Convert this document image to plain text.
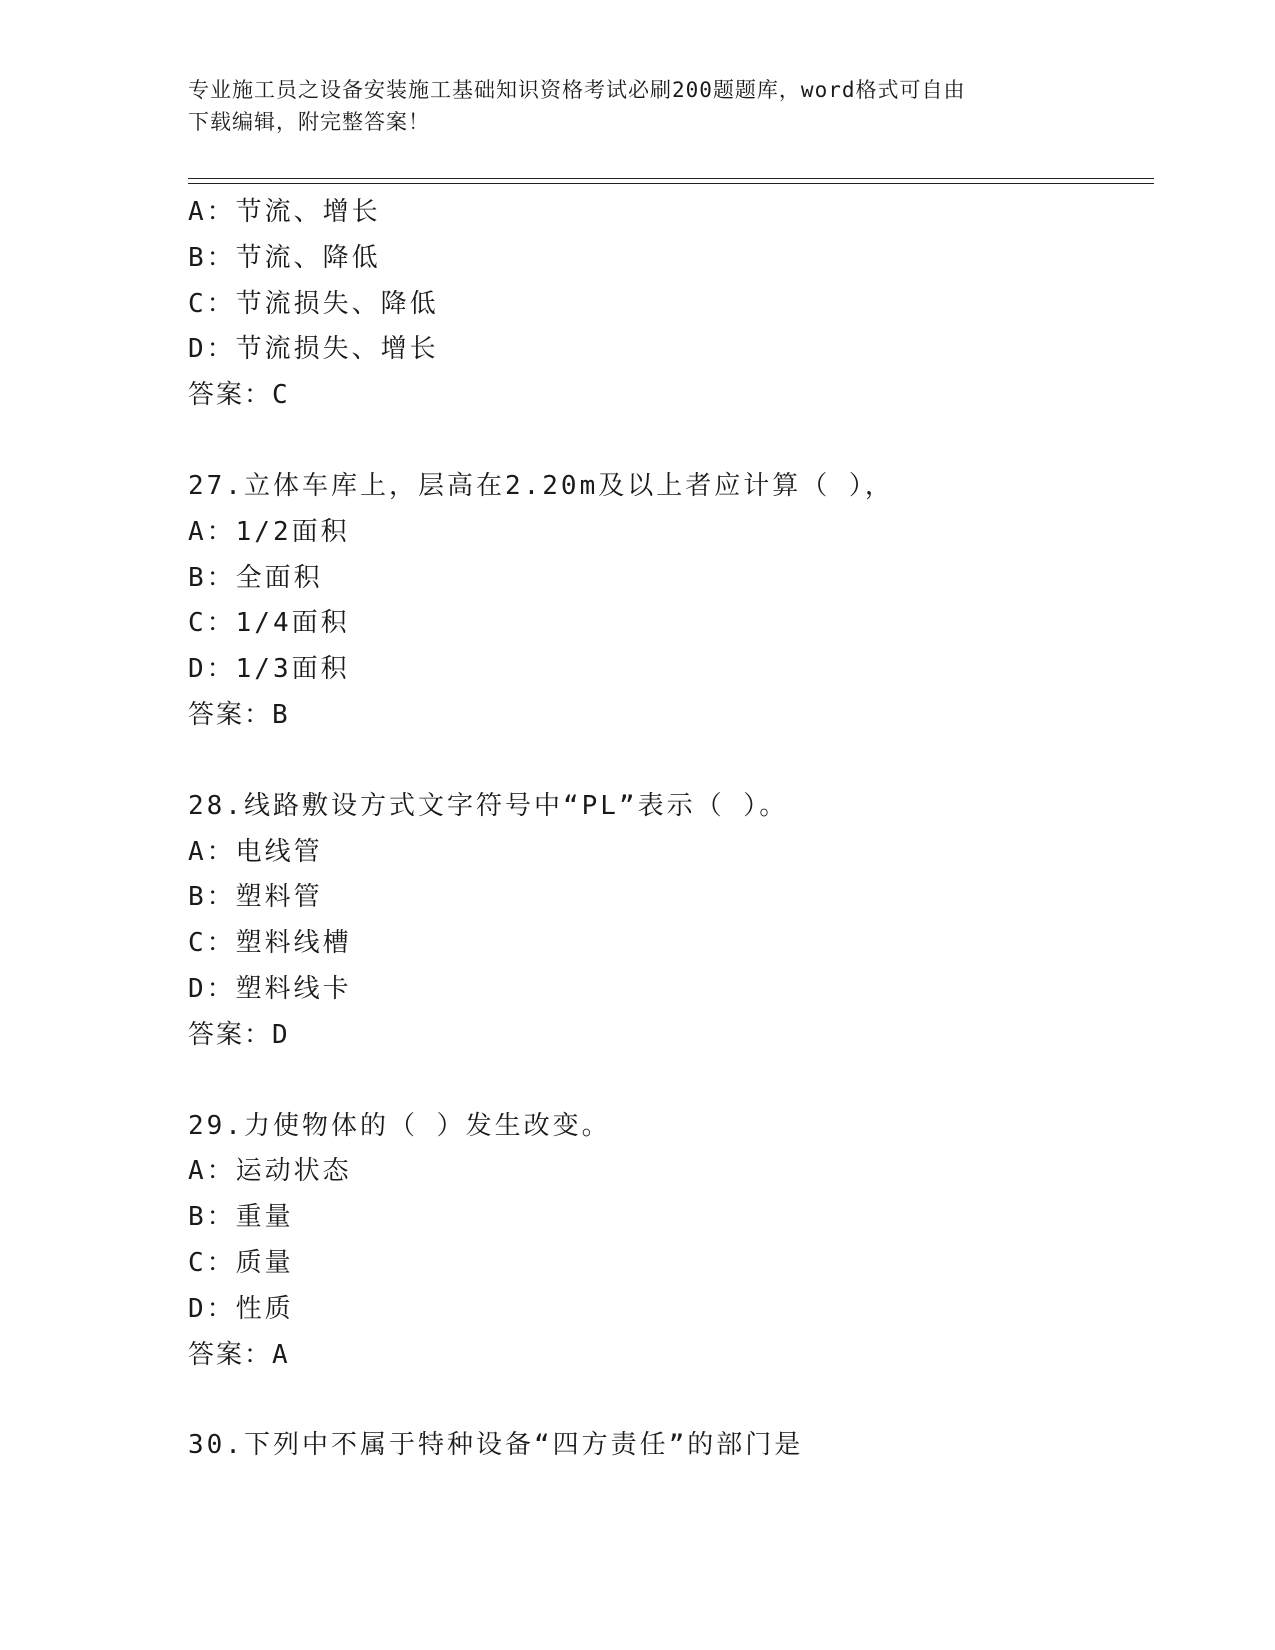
专业施工员之设备安装施工基础知识资格考试必刷200题题库，word格式可自由
下载编辑，附完整答案！
A：节流、增长
B：节流、降低
C：节流损失、降低
D：节流损失、增长
答案：C
27.立体车库上，层高在2.20m及以上者应计算（ ），
A：1/2面积
B：全面积
C：1/4面积
D：1/3面积
答案：B
28.线路敷设方式文字符号中“PL”表示（ ）。
A：电线管
B：塑料管
C：塑料线槽
D：塑料线卡
答案：D
29.力使物体的（ ）发生改变。
A：运动状态
B：重量
C：质量
D：性质
答案：A
30.下列中不属于特种设备“四方责任”的部门是
